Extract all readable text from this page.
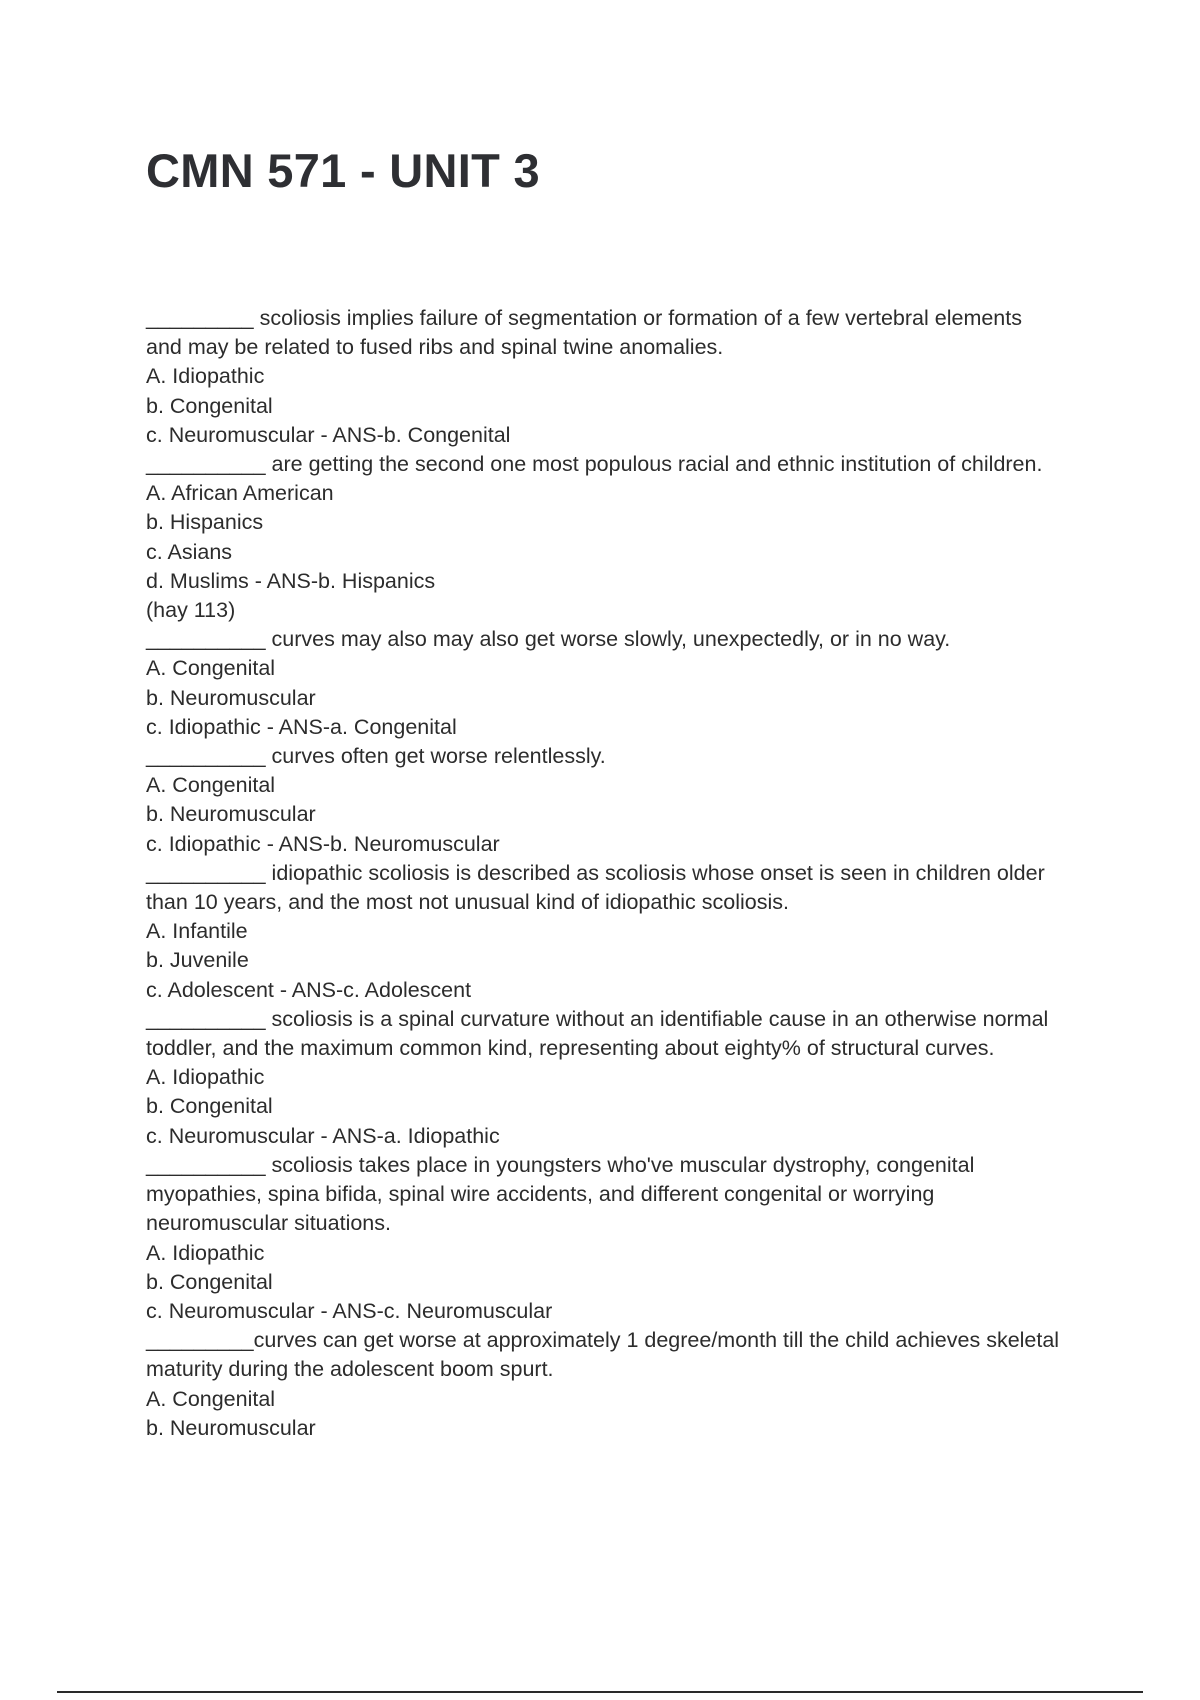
CMN 571 - UNIT 3
_________ scoliosis implies failure of segmentation or formation of a few vertebral elements
and may be related to fused ribs and spinal twine anomalies.
A. Idiopathic
b. Congenital
c. Neuromuscular - ANS-b. Congenital
__________ are getting the second one most populous racial and ethnic institution of children.
A. African American
b. Hispanics
c. Asians
d. Muslims - ANS-b. Hispanics
(hay 113)
__________ curves may also may also get worse slowly, unexpectedly, or in no way.
A. Congenital
b. Neuromuscular
c. Idiopathic - ANS-a. Congenital
__________ curves often get worse relentlessly.
A. Congenital
b. Neuromuscular
c. Idiopathic - ANS-b. Neuromuscular
__________ idiopathic scoliosis is described as scoliosis whose onset is seen in children older
than 10 years, and the most not unusual kind of idiopathic scoliosis.
A. Infantile
b. Juvenile
c. Adolescent - ANS-c. Adolescent
__________ scoliosis is a spinal curvature without an identifiable cause in an otherwise normal
toddler, and the maximum common kind, representing about eighty% of structural curves.
A. Idiopathic
b. Congenital
c. Neuromuscular - ANS-a. Idiopathic
__________ scoliosis takes place in youngsters who've muscular dystrophy, congenital
myopathies, spina bifida, spinal wire accidents, and different congenital or worrying
neuromuscular situations.
A. Idiopathic
b. Congenital
c. Neuromuscular - ANS-c. Neuromuscular
_________curves can get worse at approximately 1 degree/month till the child achieves skeletal
maturity during the adolescent boom spurt.
A. Congenital
b. Neuromuscular
